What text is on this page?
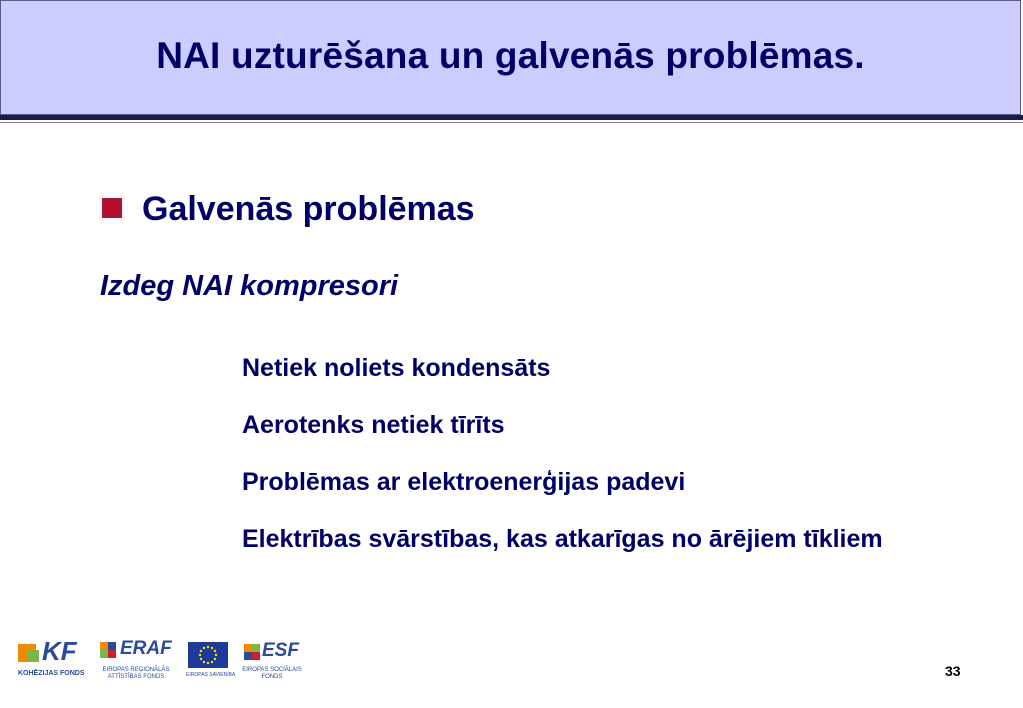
NAI uzturēšana un galvenās problēmas.
Galvenās problēmas
Izdeg NAI kompresori
Netiek noliets kondensāts
Aerotenks netiek tīrīts
Problēmas ar elektroenerģijas padevi
Elektrības svārstības, kas atkarīgas no ārējiem tīkliem
KF
KOHĒZIJAS FONDS
ERAF
EIROPAS REĢIONĀLĀS
ATTĪSTĪBAS FONDS	EIROPAS SAVIENĪBA
ESF
EIROPAS SOCIĀLAIS
FONDS	33
